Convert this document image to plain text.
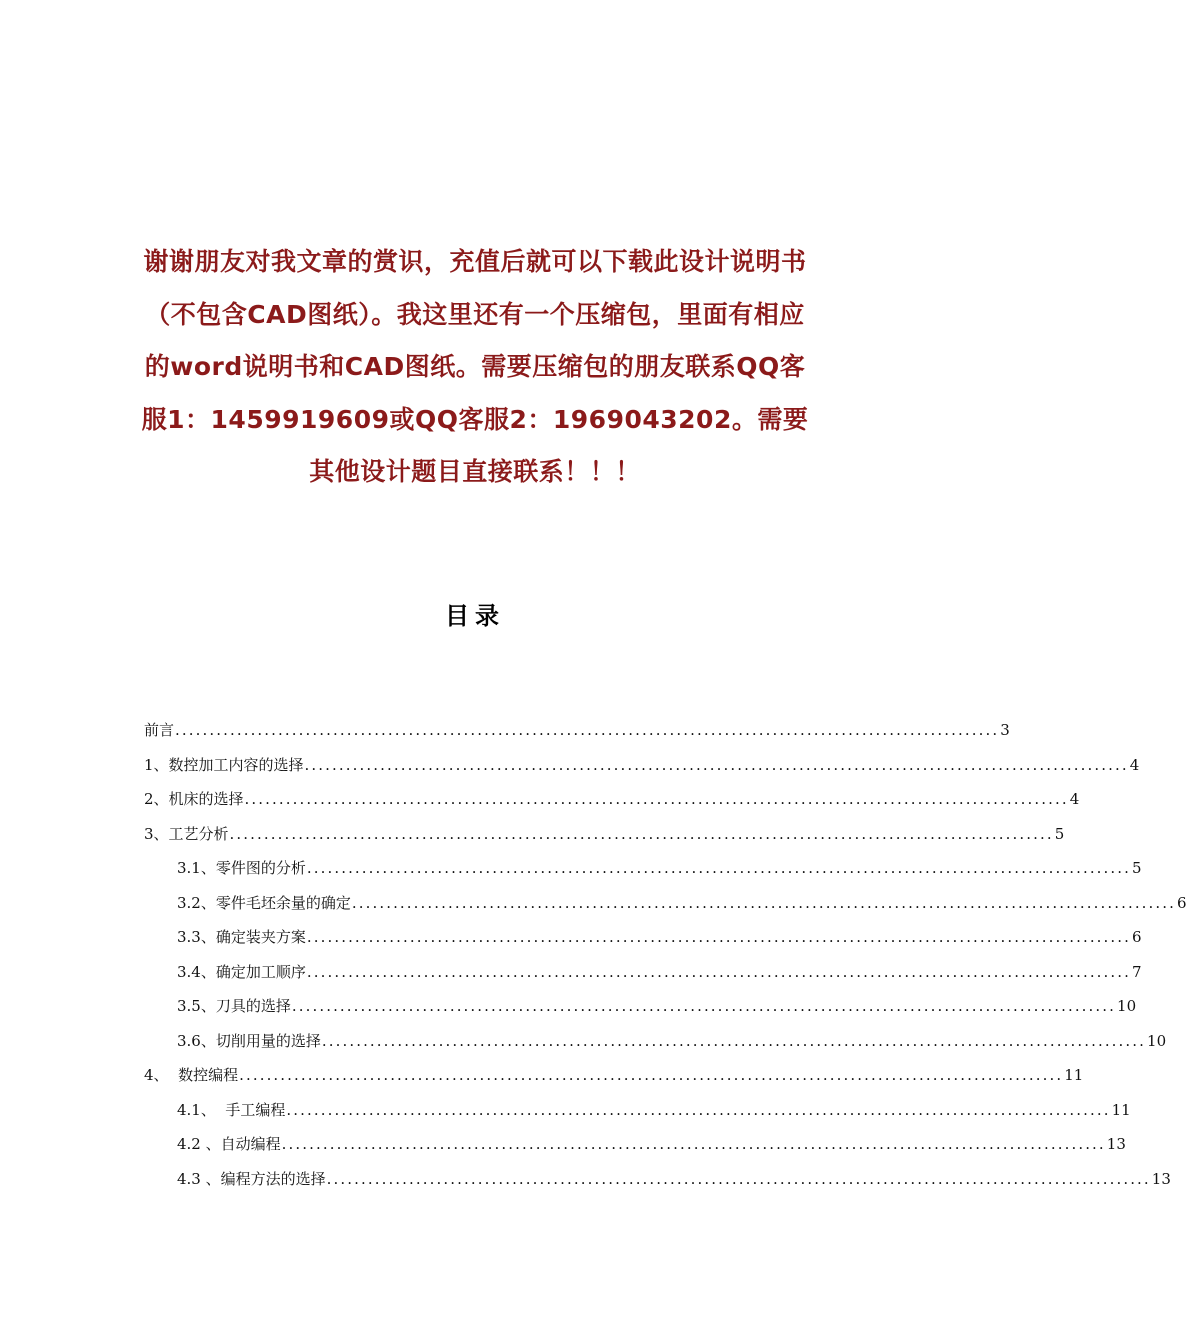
谢谢朋友对我文章的赏识，充值后就可以下载此设计说明书（不包含CAD图纸）。我这里还有一个压缩包，里面有相应的word说明书和CAD图纸。需要压缩包的朋友联系QQ客服1：1459919609或QQ客服2：1969043202。需要其他设计题目直接联系！！！
目录
前言 ........................................................................................................................ 3
1、数控加工内容的选择 ........................................................................................................................ 4
2、机床的选择 ........................................................................................................................ 4
3、工艺分析 ........................................................................................................................ 5
3.1、零件图的分析 ........................................................................................................................ 5
3.2、零件毛坯余量的确定 ........................................................................................................................ 6
3.3、确定装夹方案 ........................................................................................................................ 6
3.4、确定加工顺序 ........................................................................................................................ 7
3.5、刀具的选择 ........................................................................................................................ 10
3.6、切削用量的选择 ........................................................................................................................ 10
4、  数控编程 ........................................................................................................................ 11
4.1、  手工编程 ........................................................................................................................ 11
4.2 、自动编程 ........................................................................................................................ 13
4.3 、编程方法的选择 ........................................................................................................................ 13
